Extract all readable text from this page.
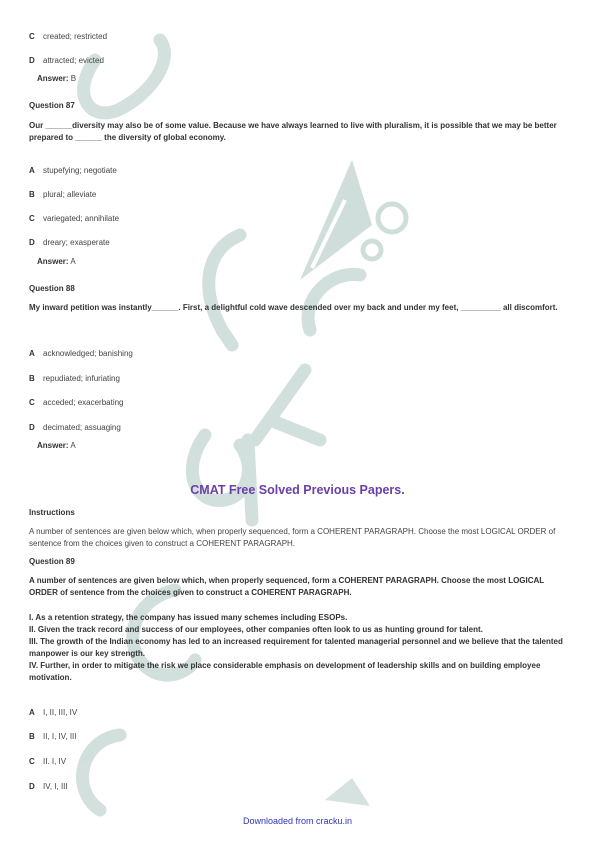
C created; restricted
D attracted; evicted
Answer: B
Question 87
Our ______diversity may also be of some value. Because we have always learned to live with pluralism, it is possible that we may be better prepared to ______ the diversity of global economy.
A stupefying; negotiate
B plural; alleviate
C variegated; annihilate
D dreary; exasperate
Answer: A
Question 88
My inward petition was instantly______. First, a delightful cold wave descended over my back and under my feet, _________ all discomfort.
A acknowledged; banishing
B repudiated; infuriating
C acceded; exacerbating
D decimated; assuaging
Answer: A
CMAT Free Solved Previous Papers.
Instructions
A number of sentences are given below which, when properly sequenced, form a COHERENT PARAGRAPH. Choose the most LOGICAL ORDER of sentence from the choices given to construct a COHERENT PARAGRAPH.
Question 89
A number of sentences are given below which, when properly sequenced, form a COHERENT PARAGRAPH. Choose the most LOGICAL ORDER of sentence from the choices given to construct a COHERENT PARAGRAPH.
I. As a retention strategy, the company has issued many schemes including ESOPs.
II. Given the track record and success of our employees, other companies often look to us as hunting ground for talent.
III. The growth of the Indian economy has led to an increased requirement for talented managerial personnel and we believe that the talented manpower is our key strength.
IV. Further, in order to mitigate the risk we place considerable emphasis on development of leadership skills and on building employee motivation.
A I, II, III, IV
B II, I, IV, III
C II. I, IV
D IV, I, III
Downloaded from cracku.in
